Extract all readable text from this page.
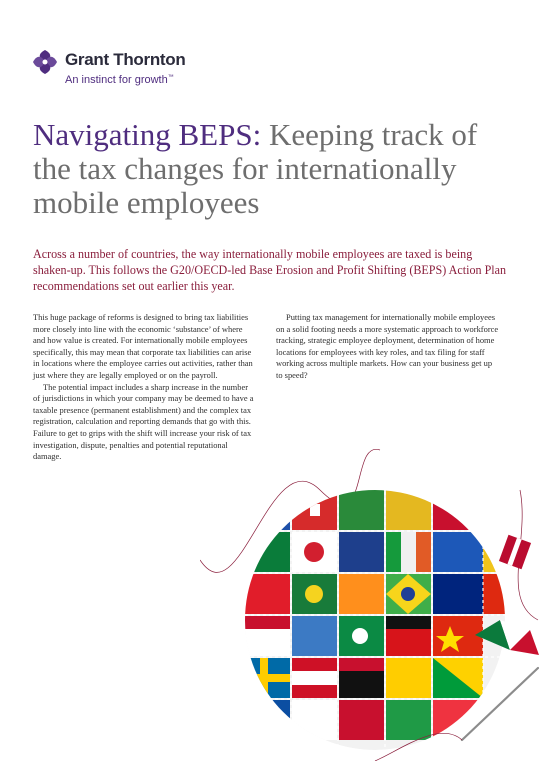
Grant Thornton
An instinct for growth™
Navigating BEPS: Keeping track of the tax changes for internationally mobile employees

Across a number of countries, the way internationally mobile employees are taxed is being shaken-up. This follows the G20/OECD-led Base Erosion and Profit Shifting (BEPS) Action Plan recommendations set out earlier this year.

This huge package of reforms is designed to bring tax liabilities more closely into line with the economic ‘substance’ of where and how value is created. For internationally mobile employees specifically, this may mean that corporate tax liabilities can arise in locations where the employee carries out activities, rather than just where they are legally employed or on the payroll.

The potential impact includes a sharp increase in the number of jurisdictions in which your company may be deemed to have a taxable presence (permanent establishment) and the complex tax registration, calculation and reporting demands that go with this. Failure to get to grips with the shift will increase your risk of tax investigation, dispute, penalties and potential reputational damage.

Putting tax management for internationally mobile employees on a solid footing needs a more systematic approach to workforce tracking, strategic employee deployment, determination of home locations for employees with key roles, and tax filing for staff working across multiple markets. How can your business get up to speed?
